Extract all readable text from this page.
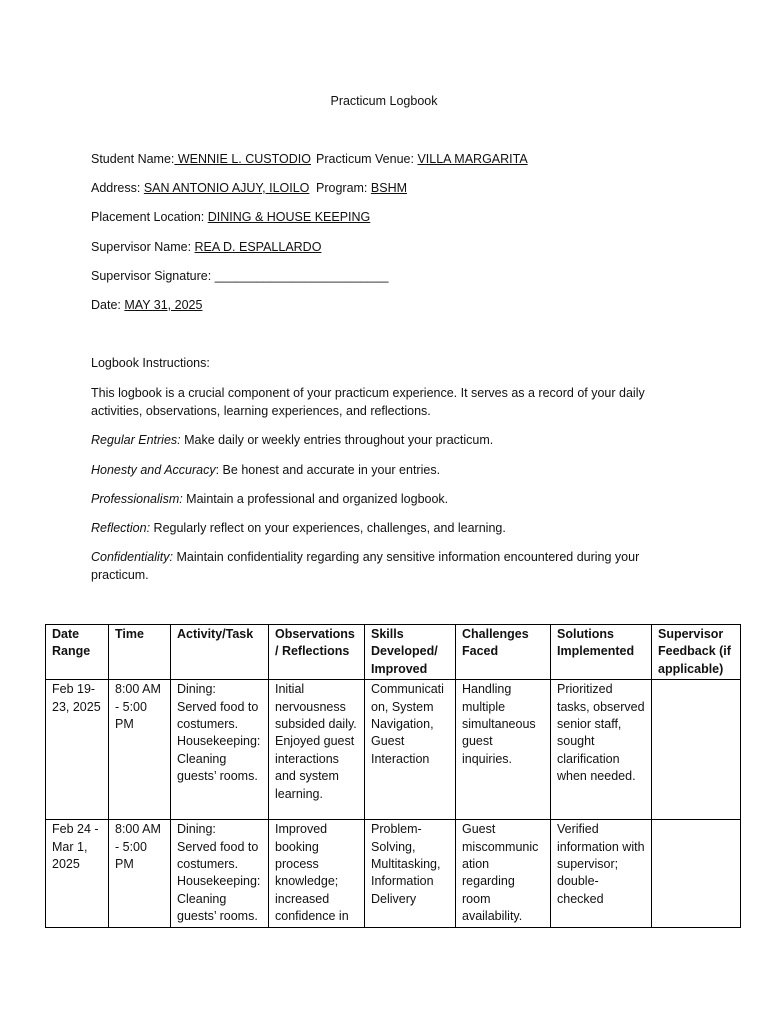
Practicum Logbook
Student Name: WENNIE L. CUSTODIO Practicum Venue: VILLA MARGARITA
Address: SAN ANTONIO AJUY, ILOILO Program: BSHM
Placement Location: DINING & HOUSE KEEPING
Supervisor Name: REA D. ESPALLARDO
Supervisor Signature: _________________________
Date: MAY 31, 2025
Logbook Instructions:
This logbook is a crucial component of your practicum experience. It serves as a record of your daily activities, observations, learning experiences, and reflections.
Regular Entries: Make daily or weekly entries throughout your practicum.
Honesty and Accuracy: Be honest and accurate in your entries.
Professionalism: Maintain a professional and organized logbook.
Reflection: Regularly reflect on your experiences, challenges, and learning.
Confidentiality: Maintain confidentiality regarding any sensitive information encountered during your practicum.
Date Range	Time	Activity/Task	Observations/ Reflections	Skills Developed/ Improved	Challenges Faced	Solutions Implemented	Supervisor Feedback (if applicable)
Feb 19-23, 2025	8:00 AM - 5:00 PM	Dining:
Served food to costumers.
Housekeeping: Cleaning guests’ rooms.	Initial nervousness subsided daily. Enjoyed guest interactions and system learning.	Communication, System Navigation, Guest Interaction	Handling multiple simultaneous guest inquiries.	Prioritized tasks, observed senior staff, sought clarification when needed.	
Feb 24 - Mar 1, 2025	8:00 AM - 5:00 PM	Dining:
Served food to costumers.
Housekeeping: Cleaning guests’ rooms.	Improved booking process knowledge; increased confidence in	Problem-Solving, Multitasking, Information Delivery	Guest miscommunication regarding room availability.	Verified information with supervisor; double-checked	
